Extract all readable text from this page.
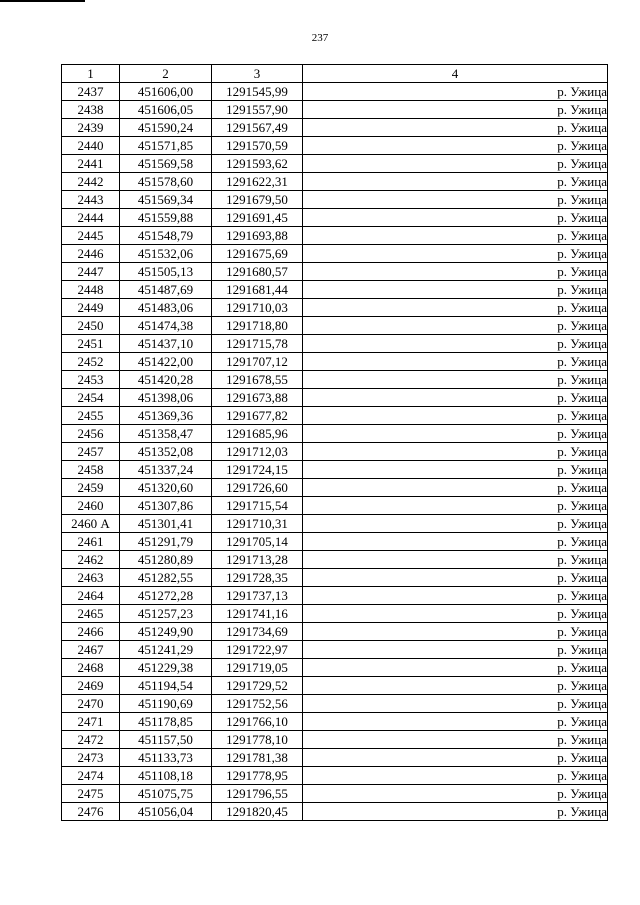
237
1	2	3	4
2437	451606,00	1291545,99	р. Ужица
2438	451606,05	1291557,90	р. Ужица
2439	451590,24	1291567,49	р. Ужица
2440	451571,85	1291570,59	р. Ужица
2441	451569,58	1291593,62	р. Ужица
2442	451578,60	1291622,31	р. Ужица
2443	451569,34	1291679,50	р. Ужица
2444	451559,88	1291691,45	р. Ужица
2445	451548,79	1291693,88	р. Ужица
2446	451532,06	1291675,69	р. Ужица
2447	451505,13	1291680,57	р. Ужица
2448	451487,69	1291681,44	р. Ужица
2449	451483,06	1291710,03	р. Ужица
2450	451474,38	1291718,80	р. Ужица
2451	451437,10	1291715,78	р. Ужица
2452	451422,00	1291707,12	р. Ужица
2453	451420,28	1291678,55	р. Ужица
2454	451398,06	1291673,88	р. Ужица
2455	451369,36	1291677,82	р. Ужица
2456	451358,47	1291685,96	р. Ужица
2457	451352,08	1291712,03	р. Ужица
2458	451337,24	1291724,15	р. Ужица
2459	451320,60	1291726,60	р. Ужица
2460	451307,86	1291715,54	р. Ужица
2460 А	451301,41	1291710,31	р. Ужица
2461	451291,79	1291705,14	р. Ужица
2462	451280,89	1291713,28	р. Ужица
2463	451282,55	1291728,35	р. Ужица
2464	451272,28	1291737,13	р. Ужица
2465	451257,23	1291741,16	р. Ужица
2466	451249,90	1291734,69	р. Ужица
2467	451241,29	1291722,97	р. Ужица
2468	451229,38	1291719,05	р. Ужица
2469	451194,54	1291729,52	р. Ужица
2470	451190,69	1291752,56	р. Ужица
2471	451178,85	1291766,10	р. Ужица
2472	451157,50	1291778,10	р. Ужица
2473	451133,73	1291781,38	р. Ужица
2474	451108,18	1291778,95	р. Ужица
2475	451075,75	1291796,55	р. Ужица
2476	451056,04	1291820,45	р. Ужица
